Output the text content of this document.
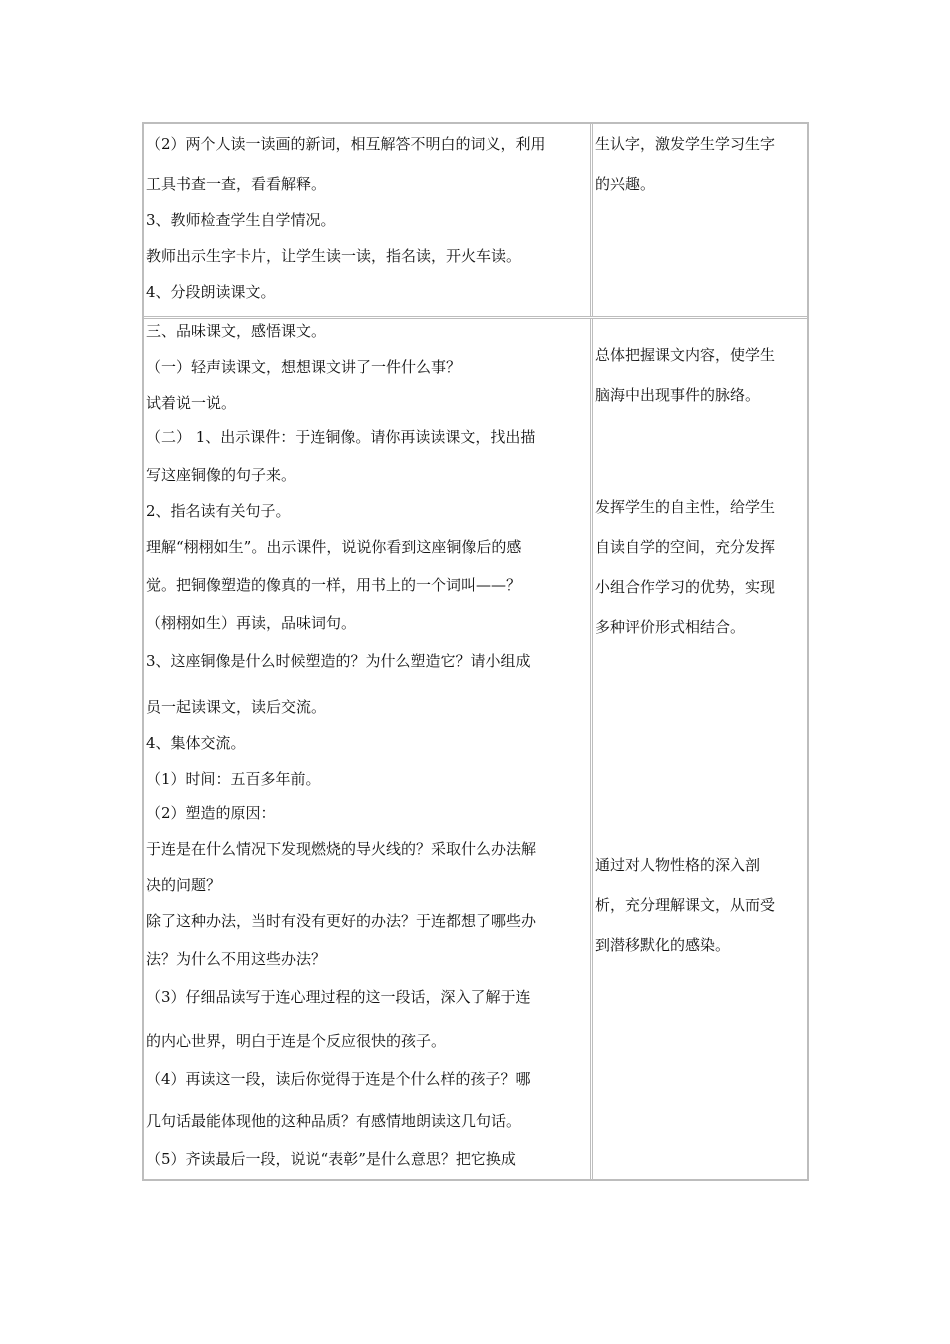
（2）两个人读一读画的新词，相互解答不明白的词义，利用
工具书查一查，看看解释。
3、教师检查学生自学情况。
教师出示生字卡片，让学生读一读，指名读，开火车读。
4、分段朗读课文。
生认字，激发学生学习生字
的兴趣。
三、品味课文，感悟课文。
（一）轻声读课文，想想课文讲了一件什么事？
试着说一说。
（二） 1、出示课件：于连铜像。请你再读读课文，找出描
写这座铜像的句子来。
2、指名读有关句子。
理解“栩栩如生”。出示课件，说说你看到这座铜像后的感
觉。把铜像塑造的像真的一样，用书上的一个词叫——？
（栩栩如生）再读，品味词句。
3、这座铜像是什么时候塑造的？为什么塑造它？请小组成
员一起读课文，读后交流。
4、集体交流。
（1）时间：五百多年前。
（2）塑造的原因：
于连是在什么情况下发现燃烧的导火线的？采取什么办法解
决的问题？
除了这种办法，当时有没有更好的办法？于连都想了哪些办
法？为什么不用这些办法？
（3）仔细品读写于连心理过程的这一段话，深入了解于连
的内心世界，明白于连是个反应很快的孩子。
（4）再读这一段，读后你觉得于连是个什么样的孩子？哪
几句话最能体现他的这种品质？有感情地朗读这几句话。
（5）齐读最后一段，说说“表彰”是什么意思？把它换成
总体把握课文内容，使学生
脑海中出现事件的脉络。
发挥学生的自主性，给学生
自读自学的空间，充分发挥
小组合作学习的优势，实现
多种评价形式相结合。
通过对人物性格的深入剖
析，充分理解课文，从而受
到潜移默化的感染。
